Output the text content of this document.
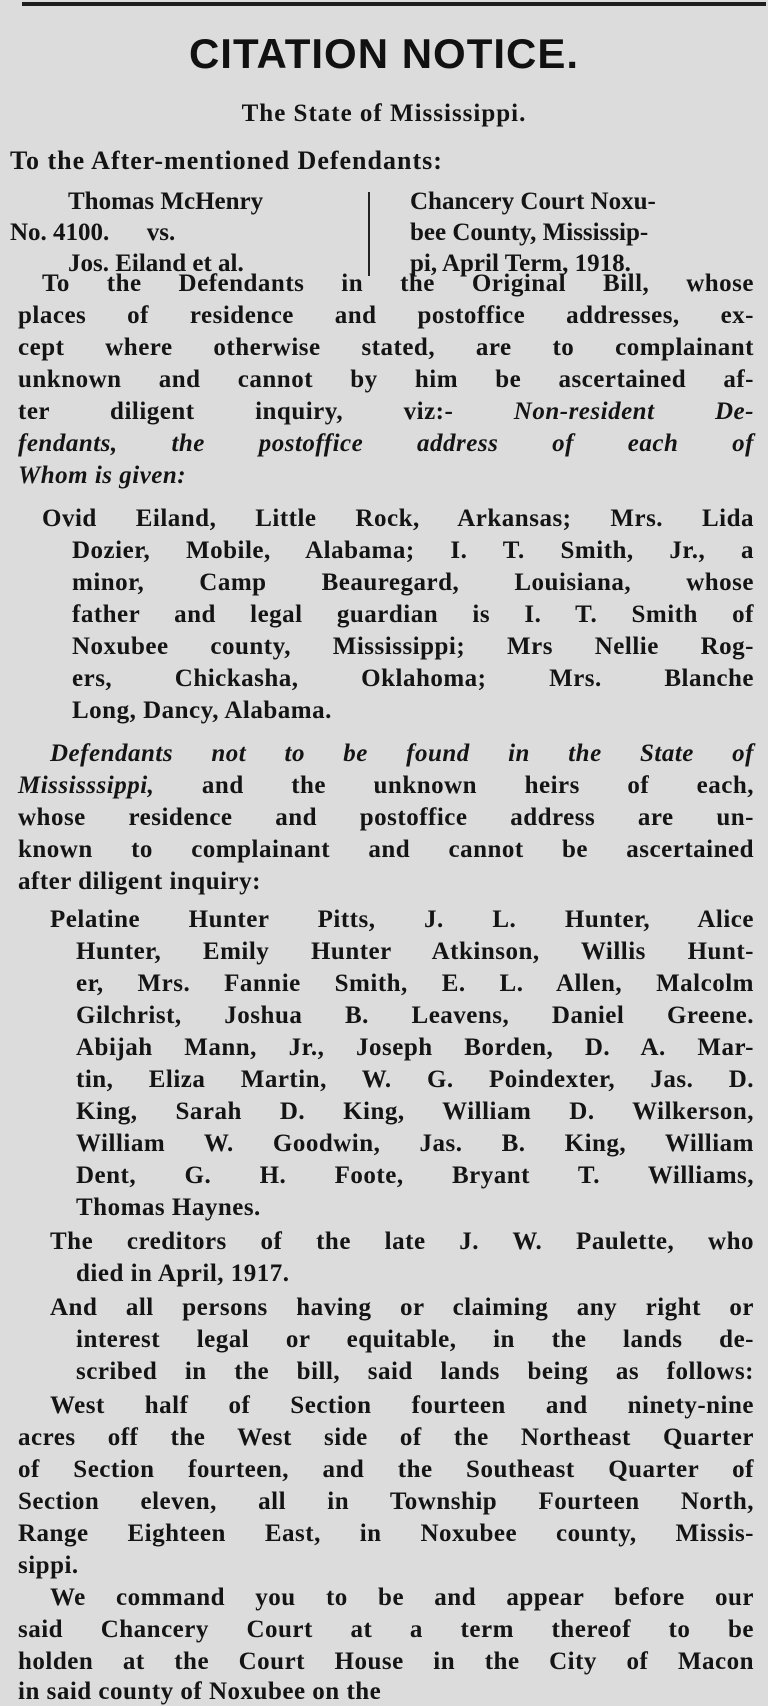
CITATION NOTICE.
The State of Mississippi.
To the After-mentioned Defendants:
Thomas McHenry
No. 4100.      vs.
Jos. Eiland et al.
Chancery Court Noxu-
bee County, Mississip-
pi, April Term, 1918.
To the Defendants in the Original Bill, whose
places of residence and postoffice addresses, ex-
cept where otherwise stated, are to complainant
unknown and cannot by him be ascertained af-
ter diligent inquiry, viz:- Non-resident De-
fendants, the postoffice address of each of
Whom is given:
Ovid Eiland, Little Rock, Arkansas; Mrs. Lida
Dozier, Mobile, Alabama; I. T. Smith, Jr., a
minor, Camp Beauregard, Louisiana, whose
father and legal guardian is I. T. Smith of
Noxubee county, Mississippi; Mrs Nellie Rog-
ers, Chickasha, Oklahoma; Mrs. Blanche
Long, Dancy, Alabama.
Defendants not to be found in the State of
Mississsippi, and the unknown heirs of each,
whose residence and postoffice address are un-
known to complainant and cannot be ascertained
after diligent inquiry:
Pelatine Hunter Pitts, J. L. Hunter, Alice
Hunter, Emily Hunter Atkinson, Willis Hunt-
er, Mrs. Fannie Smith, E. L. Allen, Malcolm
Gilchrist, Joshua B. Leavens, Daniel Greene.
Abijah Mann, Jr., Joseph Borden, D. A. Mar-
tin, Eliza Martin, W. G. Poindexter, Jas. D.
King, Sarah D. King, William D. Wilkerson,
William W. Goodwin, Jas. B. King, William
Dent, G. H. Foote, Bryant T. Williams,
Thomas Haynes.
The creditors of the late J. W. Paulette, who
died in April, 1917.
And all persons having or claiming any right or
interest legal or equitable, in the lands de-
scribed in the bill, said lands being as follows:
West half of Section fourteen and ninety-nine
acres off the West side of the Northeast Quarter
of Section fourteen, and the Southeast Quarter of
Section eleven, all in Township Fourteen North,
Range Eighteen East, in Noxubee county, Missis-
sippi.
We command you to be and appear before our
said Chancery Court at a term thereof to be
holden at the Court House in the City of Macon
in said county of Noxubee on the
